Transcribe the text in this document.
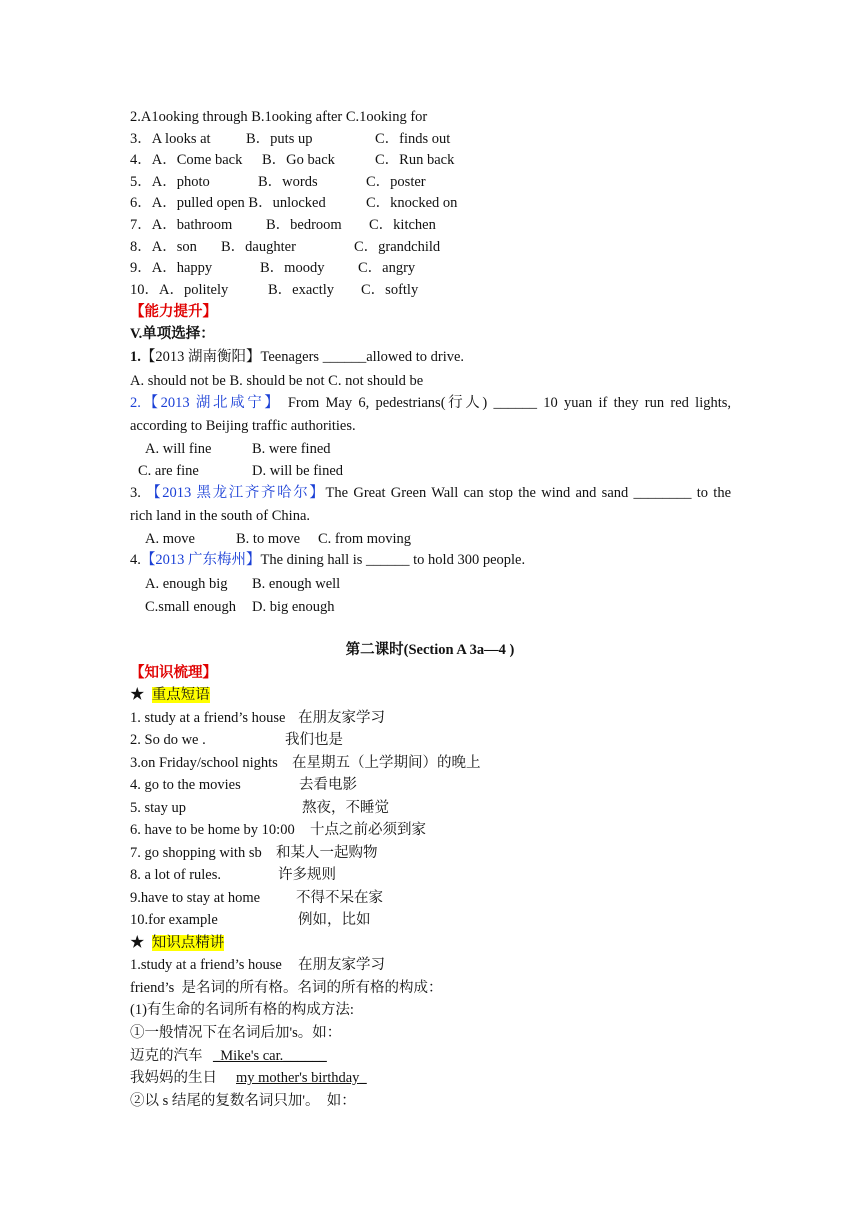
2.A1ooking through B.1ooking after C.1ooking for
3．A looks at B．puts up	C．finds out
4．A．Come back B．Go back	C．Run back
5．A．photo	B．words	C．poster
6．A．pulled open B．unlocked	C．knocked on
7．A．bathroom B．bedroom C．kitchen
8．A．son B．daughter	C．grandchild
9．A．happy	B．moody C．angry
10．A．politely	B．exactly C．softly
【能力提升】
V.单项选择：
1.【2013 湖南衡阳】Teenagers ______allowed to drive.
A. should not be B. should be not C. not should be
2.【2013 湖北咸宁】 From May 6, pedestrians(行人) ______ 10 yuan if they run red lights,
according to Beijing traffic authorities.
A. will fine	B. were fined
C. are fine	D. will be fined
3. 【2013 黑龙江齐齐哈尔】The Great Green Wall can stop the wind and sand ________ to the
rich land in the south of China.
A. move	B. to move C. from moving
4.【2013 广东梅州】The dining hall is ______ to hold 300 people.
A. enough big B. enough well
C.small enough D. big enough
第二课时(Section A 3a—4 )
【知识梳理】
★ 重点短语
1. study at a friend’s house 在朋友家学习
2. So do we .	我们也是
3.on Friday/school nights 在星期五（上学期间）的晚上
4. go to the movies	去看电影
5. stay up	熬夜，不睡觉
6. have to be home by 10:00 十点之前必须到家
7. go shopping with sb 和某人一起购物
8. a lot of rules.	许多规则
9.have to stay at home 不得不呆在家
10.for example	例如，比如
★ 知识点精讲
1.study at a friend’s house 在朋友家学习
friend’s  是名词的所有格。名词的所有格的构成：
(1)有生命的名词所有格的构成方法:
①一般情况下在名词后加's。如：
迈克的汽车 _Mike's car.______
我妈妈的生日 my mother's birthday_
②以 s 结尾的复数名词只加'。  如：
